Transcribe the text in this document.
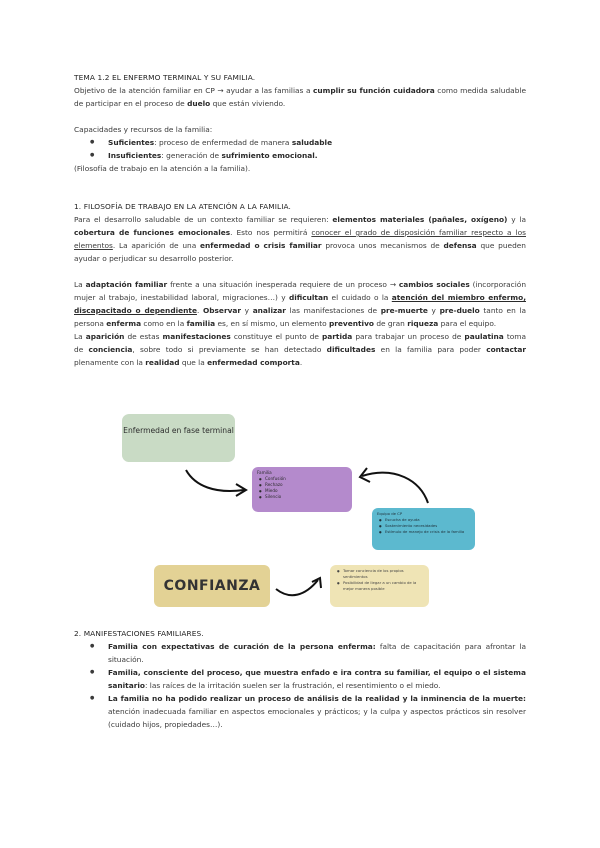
TEMA 1.2 EL ENFERMO TERMINAL Y SU FAMILIA.

Objetivo de la atención familiar en CP → ayudar a las familias a cumplir su función cuidadora como medida saludable de participar en el proceso de duelo que están viviendo.

Capacidades y recursos de la familia:

● Suficientes: proceso de enfermedad de manera saludable
● Insuficientes: generación de sufrimiento emocional.

(Filosofía de trabajo en la atención a la familia).

1. FILOSOFÍA DE TRABAJO EN LA ATENCIÓN A LA FAMILIA.

Para el desarrollo saludable de un contexto familiar se requieren: elementos materiales (pañales, oxígeno) y la cobertura de funciones emocionales. Esto nos permitirá conocer el grado de disposición familiar respecto a los elementos. La aparición de una enfermedad o crisis familiar provoca unos mecanismos de defensa que pueden ayudar o perjudicar su desarrollo posterior.

La adaptación familiar frente a una situación inesperada requiere de un proceso → cambios sociales (incorporación mujer al trabajo, inestabilidad laboral, migraciones…) y dificultan el cuidado o la atención del miembro enfermo, discapacitado o dependiente. Observar y analizar las manifestaciones de pre-muerte y pre-duelo tanto en la persona enferma como en la familia es, en sí mismo, un elemento preventivo de gran riqueza para el equipo.

La aparición de estas manifestaciones constituye el punto de partida para trabajar un proceso de paulatina toma de conciencia, sobre todo si previamente se han detectado dificultades en la familia para poder contactar plenamente con la realidad que la enfermedad comporta.

Enfermedad en fase terminal
Familia
● Confusión
● Rechazo
● Miedo
● Silencio
Equipo de CP
● Escucha de ayuda
● Sostenimiento necesidades
● Estímulo de manejo de crisis de la familia
CONFIANZA
● Tomar conciencia de los propios sentimientos
● Posibilidad de llegar a un cambio de la mejor manera posible

2. MANIFESTACIONES FAMILIARES.

● Familia con expectativas de curación de la persona enferma: falta de capacitación para afrontar la situación.
● Familia, consciente del proceso, que muestra enfado e ira contra su familiar, el equipo o el sistema sanitario: las raíces de la irritación suelen ser la frustración, el resentimiento o el miedo.
● La familia no ha podido realizar un proceso de análisis de la realidad y la inminencia de la muerte: atención inadecuada familiar en aspectos emocionales y prácticos; y la culpa y aspectos prácticos sin resolver (cuidado hijos, propiedades…).
